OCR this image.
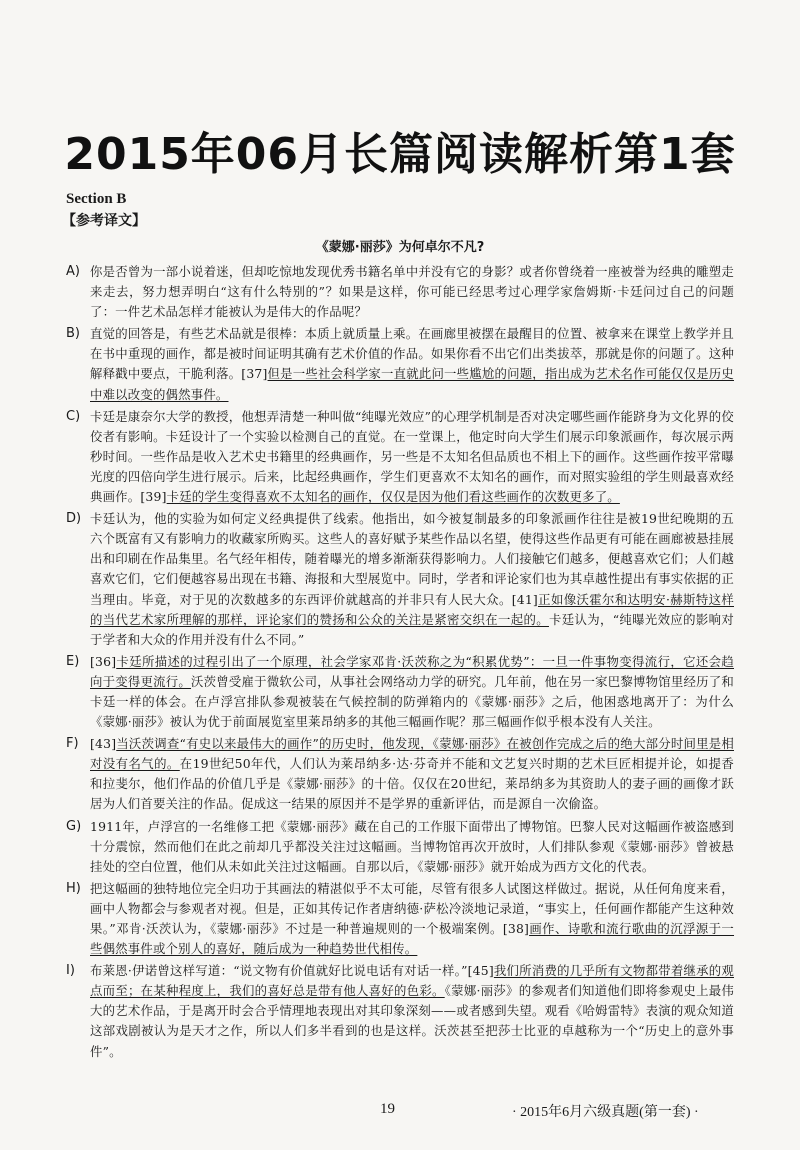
2015年06月长篇阅读解析第1套
Section B
【参考译文】
《蒙娜·丽莎》为何卓尔不凡?
A) 你是否曾为一部小说着迷，但却吃惊地发现优秀书籍名单中并没有它的身影？或者你曾绕着一座被誉为经典的雕塑走来走去，努力想弄明白“这有什么特别的”？如果是这样，你可能已经思考过心理学家詹姆斯·卡廷问过自己的问题了：一件艺术品怎样才能被认为是伟大的作品呢？
B) 直觉的回答是，有些艺术品就是很棒：本质上就质量上乘。在画廊里被摆在最醒目的位置、被拿来在课堂上教学并且在书中重现的画作，都是被时间证明其确有艺术价值的作品。如果你看不出它们出类拔萃，那就是你的问题了。这种解释戳中要点，干脆利落。[37]但是一些社会科学家一直就此问一些尴尬的问题，指出成为艺术名作可能仅仅是历史中难以改变的偶然事件。
C) 卡廷是康奈尔大学的教授，他想弄清楚一种叫做“纯曝光效应”的心理学机制是否对决定哪些画作能跻身为文化界的佼佼者有影响。卡廷设计了一个实验以检测自己的直觉。在一堂课上，他定时向大学生们展示印象派画作，每次展示两秒时间。一些作品是收入艺术史书籍里的经典画作，另一些是不太知名但品质也不相上下的画作。这些画作按平常曝光度的四倍向学生进行展示。后来，比起经典画作，学生们更喜欢不太知名的画作，而对照实验组的学生则最喜欢经典画作。[39]卡廷的学生变得喜欢不太知名的画作，仅仅是因为他们看这些画作的次数更多了。
D) 卡廷认为，他的实验为如何定义经典提供了线索。他指出，如今被复制最多的印象派画作往往是被19世纪晚期的五六个既富有又有影响力的收藏家所购买。这些人的喜好赋予某些作品以名望，使得这些作品更有可能在画廊被悬挂展出和印刷在作品集里。名气经年相传，随着曝光的增多渐渐获得影响力。人们接触它们越多，便越喜欢它们；人们越喜欢它们，它们便越容易出现在书籍、海报和大型展览中。同时，学者和评论家们也为其卓越性提出有事实依据的正当理由。毕竟，对于见的次数越多的东西评价就越高的并非只有人民大众。[41]正如像沃霍尔和达明安·赫斯特这样的当代艺术家所理解的那样，评论家们的赞扬和公众的关注是紧密交织在一起的。卡廷认为，“纯曝光效应的影响对于学者和大众的作用并没有什么不同。”
E) [36]卡廷所描述的过程引出了一个原理，社会学家邓肯·沃茨称之为“积累优势”：一旦一件事物变得流行，它还会趋向于变得更流行。沃茨曾受雇于微软公司，从事社会网络动力学的研究。几年前，他在另一家巴黎博物馆里经历了和卡廷一样的体会。在卢浮宫排队参观被装在气候控制的防弹箱内的《蒙娜·丽莎》之后，他困惑地离开了：为什么《蒙娜·丽莎》被认为优于前面展览室里莱昂纳多的其他三幅画作呢？那三幅画作似乎根本没有人关注。
F) [43]当沃茨调查“有史以来最伟大的画作”的历史时，他发现，《蒙娜·丽莎》在被创作完成之后的绝大部分时间里是相对没有名气的。在19世纪50年代，人们认为莱昂纳多·达·芬奇并不能和文艺复兴时期的艺术巨匠相提并论，如提香和拉斐尔，他们作品的价值几乎是《蒙娜·丽莎》的十倍。仅仅在20世纪，莱昂纳多为其资助人的妻子画的画像才跃居为人们首要关注的作品。促成这一结果的原因并不是学界的重新评估，而是源自一次偷盗。
G) 1911年，卢浮宫的一名维修工把《蒙娜·丽莎》藏在自己的工作服下面带出了博物馆。巴黎人民对这幅画作被盗感到十分震惊，然而他们在此之前却几乎都没关注过这幅画。当博物馆再次开放时，人们排队参观《蒙娜·丽莎》曾被悬挂处的空白位置，他们从未如此关注过这幅画。自那以后，《蒙娜·丽莎》就开始成为西方文化的代表。
H) 把这幅画的独特地位完全归功于其画法的精湛似乎不太可能，尽管有很多人试图这样做过。据说，从任何角度来看，画中人物都会与参观者对视。但是，正如其传记作者唐纳德·萨松冷淡地记录道，“事实上，任何画作都能产生这种效果。”邓肯·沃茨认为，《蒙娜·丽莎》不过是一种普遍规则的一个极端案例。[38]画作、诗歌和流行歌曲的沉浮源于一些偶然事件或个别人的喜好，随后成为一种趋势世代相传。
I) 布莱恩·伊诺曾这样写道：“说文物有价值就好比说电话有对话一样。”[45]我们所消费的几乎所有文物都带着继承的观点而至；在某种程度上，我们的喜好总是带有他人喜好的色彩。《蒙娜·丽莎》的参观者们知道他们即将参观史上最伟大的艺术作品，于是离开时会合乎情理地表现出对其印象深刻——或者感到失望。观看《哈姆雷特》表演的观众知道这部戏剧被认为是天才之作，所以人们多半看到的也是这样。沃茨甚至把莎士比亚的卓越称为一个“历史上的意外事件”。
19	· 2015年6月六级真题(第一套) ·
